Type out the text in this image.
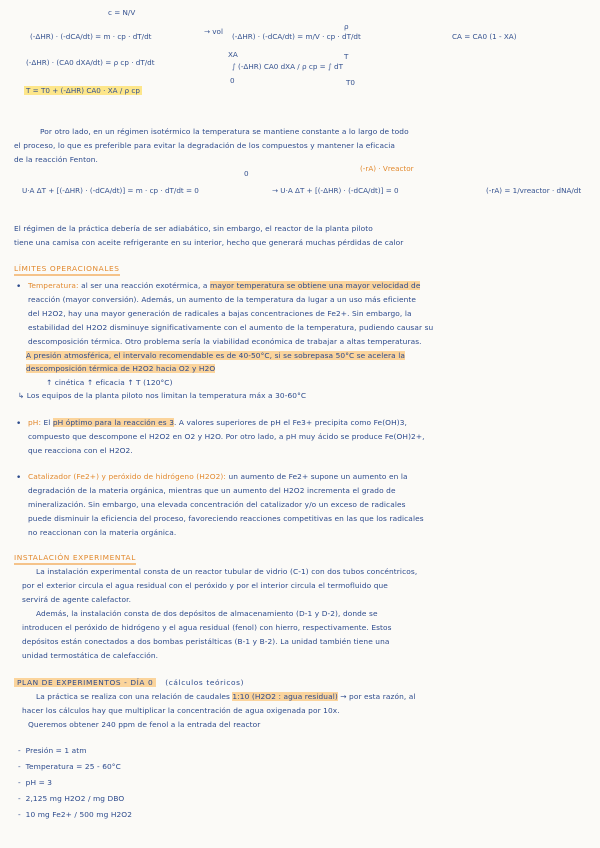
c = N/V
(-ΔHR) · (-dCA/dt) = m · cp · dT/dt
→ vol
(-ΔHR) · (-dCA/dt) = m/V · cp · dT/dt
ρ
CA = CA0 (1 - XA)
(-ΔHR) · (CA0 dXA/dt) = ρ cp · dT/dt
XA
∫ (-ΔHR) CA0 dXA / ρ cp = ∫ dT
0
T
T0
T = T0 + (-ΔHR) CA0 · XA / ρ cp
Por otro lado, en un régimen isotérmico la temperatura se mantiene constante a lo largo de todo
el proceso, lo que es preferible para evitar la degradación de los compuestos y mantener la eficacia
de la reacción Fenton.
0
(-rA) · Vreactor
U·A ΔT + [(-ΔHR) · (-dCA/dt)] = m · cp · dT/dt = 0	→ U·A ΔT + [(-ΔHR) · (-dCA/dt)] = 0	(-rA) = 1/vreactor · dNA/dt
El régimen de la práctica debería de ser adiabático, sin embargo, el reactor de la planta piloto
tiene una camisa con aceite refrigerante en su interior, hecho que generará muchas pérdidas de calor
LÍMITES OPERACIONALES
• Temperatura: al ser una reacción exotérmica, a mayor temperatura se obtiene una mayor velocidad de
reacción (mayor conversión). Además, un aumento de la temperatura da lugar a un uso más eficiente
del H2O2, hay una mayor generación de radicales a bajas concentraciones de Fe2+. Sin embargo, la
estabilidad del H2O2 disminuye significativamente con el aumento de la temperatura, pudiendo causar su
descomposición térmica. Otro problema sería la viabilidad económica de trabajar a altas temperaturas.
A presión atmosférica, el intervalo recomendable es de 40-50°C, si se sobrepasa 50°C se acelera la
descomposición térmica de H2O2 hacia O2 y H2O
↑ cinética ↑ eficacia ↑ T (120°C)
↳ Los equipos de la planta piloto nos limitan la temperatura máx a 30-60°C
• pH: El pH óptimo para la reacción es 3. A valores superiores de pH el Fe3+ precipita como Fe(OH)3,
compuesto que descompone el H2O2 en O2 y H2O. Por otro lado, a pH muy ácido se produce Fe(OH)2+,
que reacciona con el H2O2.
• Catalizador (Fe2+) y peróxido de hidrógeno (H2O2): un aumento de Fe2+ supone un aumento en la
degradación de la materia orgánica, mientras que un aumento del H2O2 incrementa el grado de
mineralización. Sin embargo, una elevada concentración del catalizador y/o un exceso de radicales
puede disminuir la eficiencia del proceso, favoreciendo reacciones competitivas en las que los radicales
no reaccionan con la materia orgánica.
INSTALACIÓN EXPERIMENTAL
La instalación experimental consta de un reactor tubular de vidrio (C-1) con dos tubos concéntricos,
por el exterior circula el agua residual con el peróxido y por el interior circula el termofluido que
servirá de agente calefactor.
Además, la instalación consta de dos depósitos de almacenamiento (D-1 y D-2), donde se
introducen el peróxido de hidrógeno y el agua residual (fenol) con hierro, respectivamente. Estos
depósitos están conectados a dos bombas peristálticas (B-1 y B-2). La unidad también tiene una
unidad termostática de calefacción.
PLAN DE EXPERIMENTOS - DÍA 0 (cálculos teóricos)
La práctica se realiza con una relación de caudales 1:10 (H2O2 : agua residual) → por esta razón, al
hacer los cálculos hay que multiplicar la concentración de agua oxigenada por 10x.
Queremos obtener 240 ppm de fenol a la entrada del reactor
-  Presión = 1 atm
-  Temperatura = 25 - 60°C
-  pH = 3
-  2,125 mg H2O2 / mg DBO
-  10 mg Fe2+ / 500 mg H2O2
